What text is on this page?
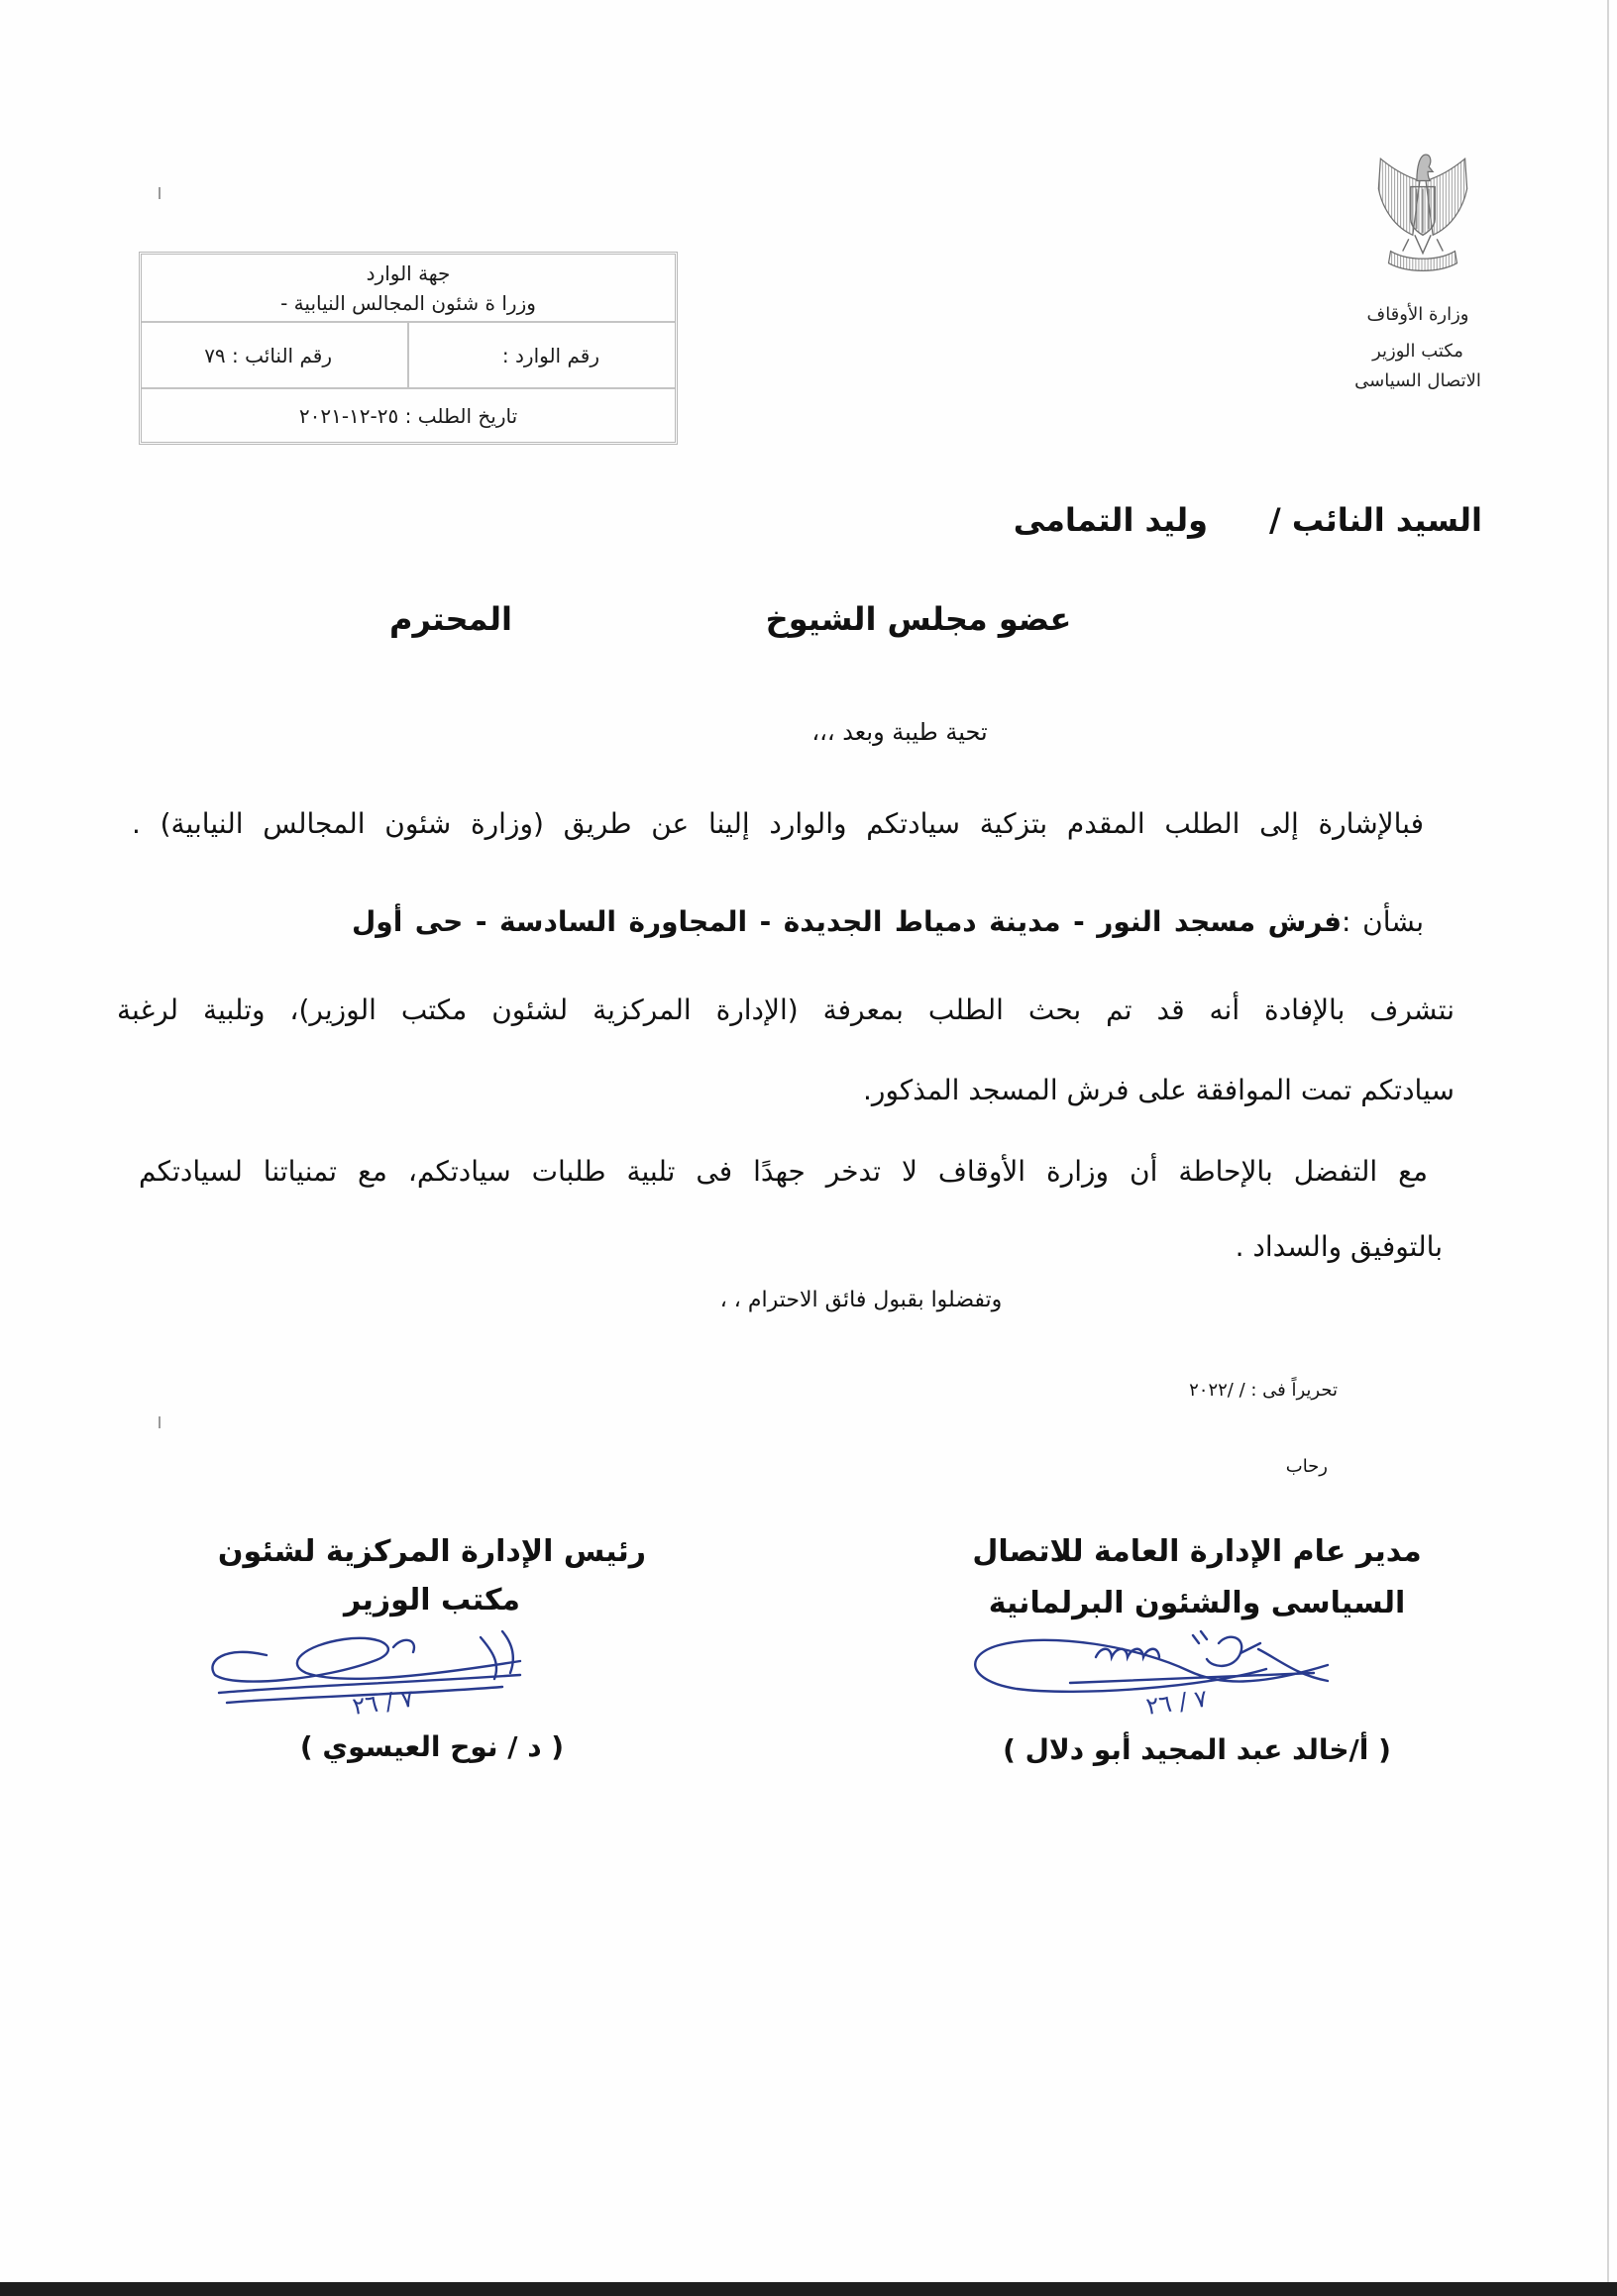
وزارة الأوقاف
مكتب الوزير
الاتصال السياسى
جهة الوارد
وزرا ة شئون المجالس النيابية -
رقم الوارد :
رقم النائب : ٧٩
تاريخ الطلب : ٢٥-١٢-٢٠٢١
السيد النائب /
وليد التمامى
عضو مجلس الشيوخ
المحترم
تحية طيبة وبعد ،،،
فبالإشارة إلى الطلب المقدم بتزكية سيادتكم والوارد إلينا عن طريق (وزارة شئون المجالس النيابية) .
بشأن :فرش مسجد النور - مدينة دمياط الجديدة - المجاورة السادسة - حى أول
نتشرف بالإفادة أنه قد تم بحث الطلب بمعرفة (الإدارة المركزية لشئون مكتب الوزير)، وتلبية لرغبة
سيادتكم تمت الموافقة على فرش المسجد المذكور.
مع التفضل بالإحاطة أن وزارة الأوقاف لا تدخر جهدًا فى تلبية طلبات سيادتكم، مع تمنياتنا لسيادتكم
بالتوفيق والسداد .
وتفضلوا بقبول فائق الاحترام ، ،
تحريراً فى : / /٢٠٢٢
رحاب
مدير عام الإدارة العامة للاتصال
السياسى والشئون البرلمانية
٧ / ٢٦
( أ/خالد عبد المجيد أبو دلال )
رئيس الإدارة المركزية لشئون
مكتب الوزير
٧ / ٢٦
( د / نوح العيسوي )
